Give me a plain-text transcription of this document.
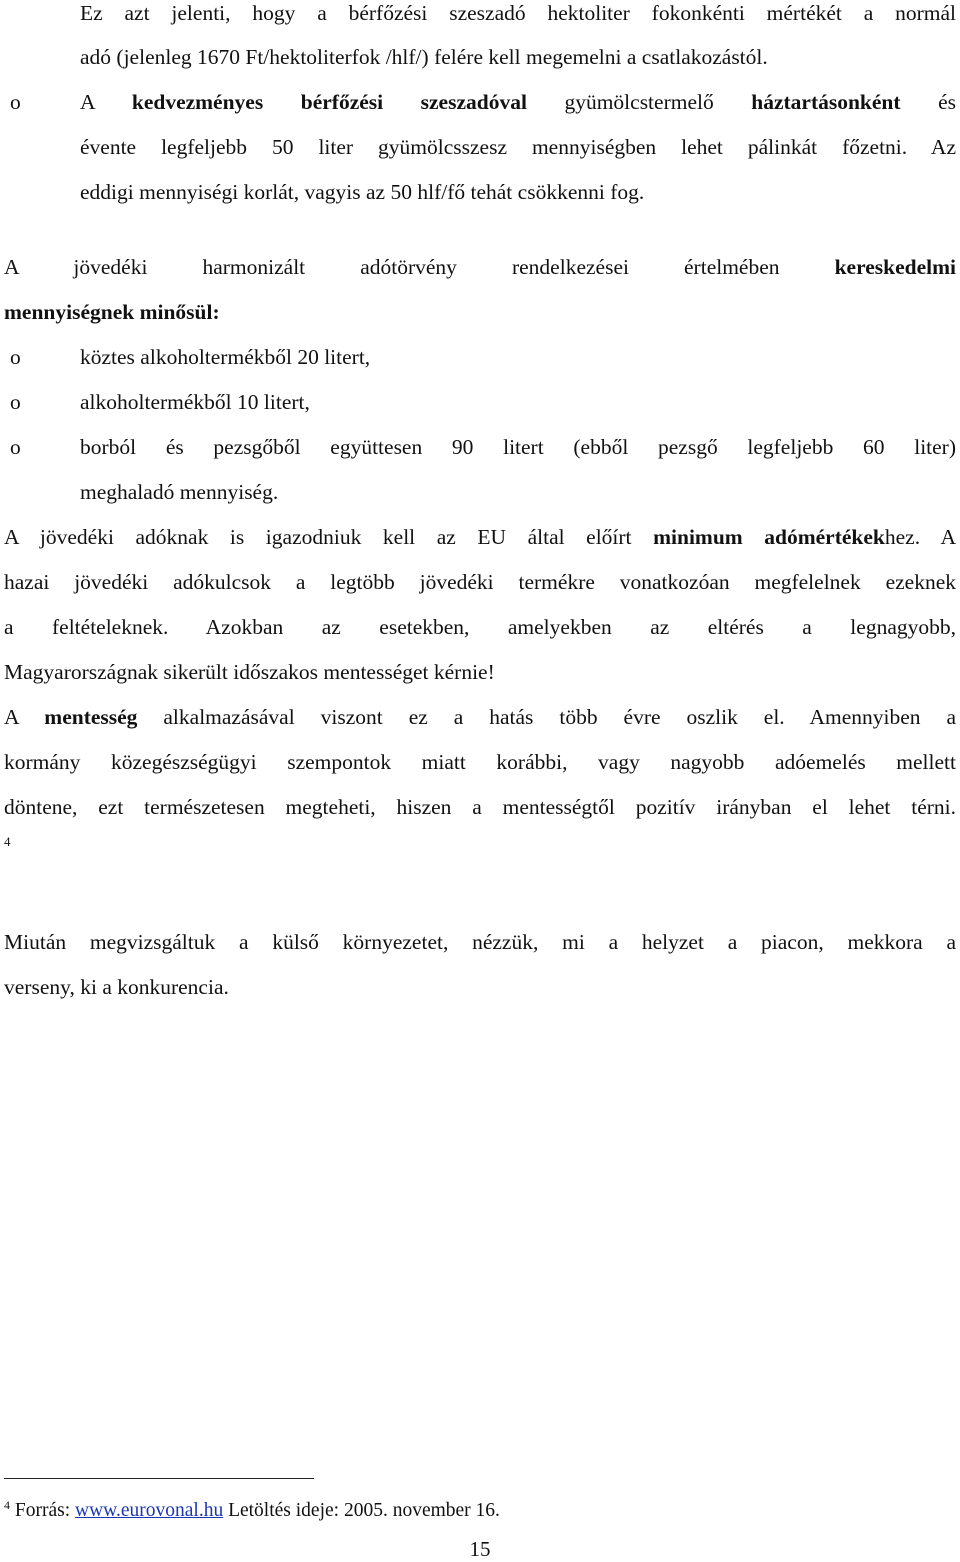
Ez azt jelenti, hogy a bérfőzési szeszadó hektoliter fokonkénti mértékét a normál
adó (jelenleg 1670 Ft/hektoliterfok /hlf/) felére kell megemelni a csatlakozástól.
o	A kedvezményes bérfőzési szeszadóval gyümölcstermelő háztartásonként és
évente legfeljebb 50 liter gyümölcsszesz mennyiségben lehet pálinkát főzetni. Az
eddigi mennyiségi korlát, vagyis az 50 hlf/fő tehát csökkenni fog.
A jövedéki harmonizált adótörvény rendelkezései értelmében kereskedelmi
mennyiségnek minősül:
o	köztes alkoholtermékből 20 litert,
o	alkoholtermékből 10 litert,
o	borból és pezsgőből együttesen 90 litert (ebből pezsgő legfeljebb 60 liter)
meghaladó mennyiség.
A jövedéki adóknak is igazodniuk kell az EU által előírt minimum adómértékekhez. A
hazai jövedéki adókulcsok a legtöbb jövedéki termékre vonatkozóan megfelelnek ezeknek
a feltételeknek. Azokban az esetekben, amelyekben az eltérés a legnagyobb,
Magyarországnak sikerült időszakos mentességet kérnie!
A mentesség alkalmazásával viszont ez a hatás több évre oszlik el. Amennyiben a
kormány közegészségügyi szempontok miatt korábbi, vagy nagyobb adóemelés mellett
döntene, ezt természetesen megteheti, hiszen a mentességtől pozitív irányban el lehet térni.
4
Miután megvizsgáltuk a külső környezetet, nézzük, mi a helyzet a piacon, mekkora a
verseny, ki a konkurencia.
$^4$ Forrás: www.eurovonal.hu Letöltés ideje: 2005. november 16.
15
